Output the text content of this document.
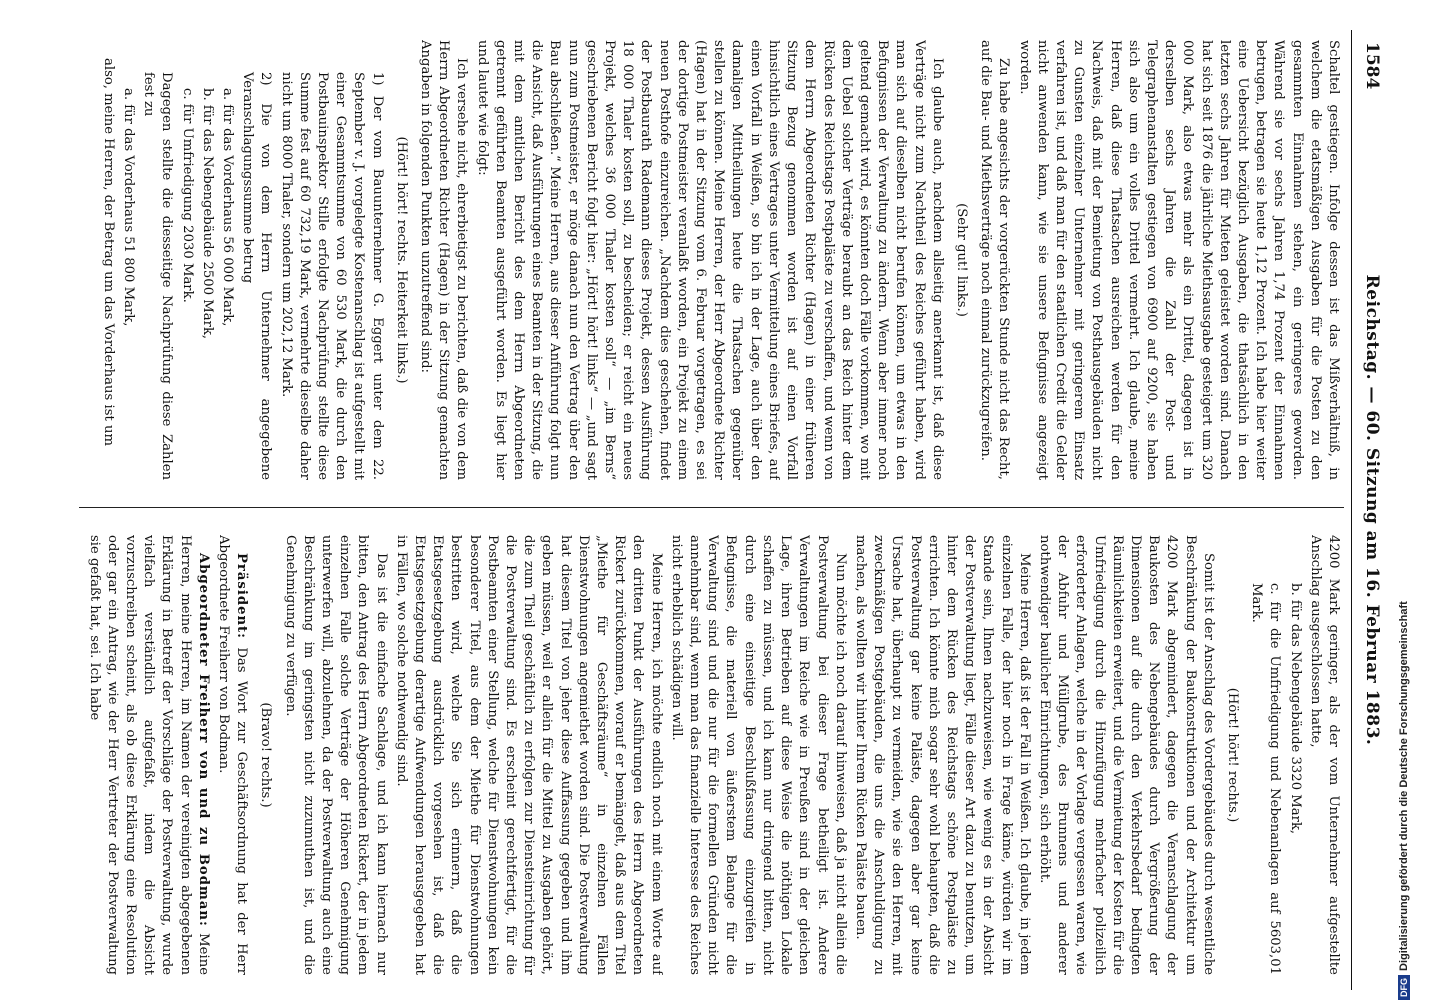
1584
Reichstag. — 60. Sitzung am 16. Februar 1883.

Schaltel gestiegen. Infolge dessen ist das Mißverhältniß, in welchem die etatsmäßigen Ausgaben für die Posten zu den gesammten Einnahmen stehen, ein geringeres geworden. Während sie vor sechs Jahren 1,74 Prozent der Einnahmen betrugen, betragen sie heute 1,12 Prozent. Ich habe hier weiter eine Uebersicht bezüglich Ausgaben, die thatsächlich in den letzten sechs Jahren für Mieten geleistet worden sind. Danach hat sich seit 1876 die jährliche Miethsausgabe gesteigert um 320 000 Mark, also etwas mehr als ein Drittel, dagegen ist in derselben sechs Jahren die Zahl der Post- und Telegraphenanstalten gestiegen von 6900 auf 9200, sie haben sich also um ein volles Drittel vermehrt. Ich glaube, meine Herren, daß diese Thatsachen ausreichen werden für den Nachweis, daß mit der Bemietung von Posthausgebäuden nicht zu Gunsten einzelner Unternehmer mit geringerem Einsatz verfahren ist, und daß man für den staatlichen Credit die Gelder nicht anwenden kann, wie sie unsere Befugnisse angezeigt worden.

Zu habe angesichts der vorgerückten Stunde nicht das Recht, auf die Bau- und Miethsverträge noch einmal zurückzugreifen.

(Sehr gut! links.)

Ich glaube auch, nachdem allseitig anerkannt ist, daß diese Verträge nicht zum Nachtheil des Reiches geführt haben, wird man sich auf dieselben nicht berufen können, um etwas in den Befugnissen der Verwaltung zu ändern. Wenn aber immer noch geltend gemacht wird, es könnten doch Fälle vorkommen, wo mit dem Uebel solcher Verträge beraubt an das Reich hinter dem Rücken des Reichstags Postpaläste zu verschaffen, und wenn von dem Herrn Abgeordneten Richter (Hagen) in einer früheren Sitzung Bezug genommen worden ist auf einen Vorfall hinsichtlich eines Vertrages unter Vermittelung eines Briefes, auf einen Vorfall in Weißen, so bin ich in der Lage, auch über den damaligen Mittheilungen heute die Thatsachen gegenüber stellen zu können. Meine Herren, der Herr Abgeordnete Richter (Hagen) hat in der Sitzung vom 6. Februar vorgetragen, es sei der dortige Postmeister veranlaßt worden, ein Projekt zu einem neuen Posthofe einzureichen. „Nachdem dies geschehen, findet der Postbaurath Rademann dieses Projekt, dessen Ausführung 18 000 Thaler kosten soll, zu bescheiden; er reicht ein neues Projekt, welches 36 000 Thaler kosten soll“ — „im Berns“ geschriebenen Bericht folgt hier: „Hört! hört! links“ — „und sagt nun zum Postmeister, er möge danach nun den Vertrag über den Bau abschließen.“ Meine Herren, aus dieser Anführung folgt nun die Ansicht, daß Ausführungen eines Beamten in der Sitzung, die mit dem amtlichen Bericht des dem Herrn Abgeordneten getrennt geführten Beamten ausgeführt worden. Es liegt hier und lautet wie folgt:

Ich versehe nicht, ehrerbietigst zu berichten, daß die von dem Herrn Abgeordneten Richter (Hagen) in der Sitzung gemachten Angaben in folgenden Punkten unzutreffend sind:

(Hört! hört! rechts. Heiterkeit links.)

1) Der vom Bauunternehmer G. Eggert unter dem 22. September v. J. vorgelegte Kostenanschlag ist aufgestellt mit einer Gesammtsumme von 60 530 Mark, die durch den Postbauinspektor Stille erfolgte Nachprüfung stellte diese Summe fest auf 60 732,19 Mark, vermehrte dieselbe daher nicht um 8000 Thaler, sondern um 202,12 Mark.

2) Die von dem Herrn Unternehmer angegebene Veranschlagungssumme betrug

a. für das Vorderhaus 56 000 Mark,

b. für das Nebengebäude 2500 Mark,

c. für Umfriedigung 2030 Mark.

Dagegen stellte die diesseitige Nachprüfung diese Zahlen fest zu

a. für das Vorderhaus 51 800 Mark,

also, meine Herren, der Betrag um das Vorderhaus ist um

4200 Mark geringer, als der vom Unternehmer aufgestellte Anschlag ausgeschlossen hatte,

b. für das Nebengebäude 3320 Mark,

c. für die Umfriedigung und Nebenanlagen auf 5603,01 Mark.

(Hört! hört! rechts.)

Somit ist der Anschlag des Vordergebäudes durch wesentliche Beschränkung der Baukonstruktionen und der Architektur um 4200 Mark abgemindert, dagegen die Veranschlagung der Baukosten des Nebengebäudes durch Vergrößerung der Dimensionen auf die durch den Verkehrsbedarf bedingten Räumlichkeiten erweitert, und die Vermietung der Kosten für die Umfriedigung durch die Hinzufügung mehrfacher polizeilich erforderter Anlagen, welche in der Vorlage vergessen waren, wie der Abfuhr und Müllgrube, des Brunnens und anderer nothwendiger baulicher Einrichtungen, sich erhöht.

Meine Herren, daß ist der Fall in Weißen. Ich glaube, in jedem einzelnen Falle, der hier noch in Frage käme, würden wir im Stande sein, Ihnen nachzuweisen, wie wenig es in der Absicht der Postverwaltung liegt, Fälle dieser Art dazu zu benutzen, um hinter dem Rücken des Reichstags schöne Postpaläste zu errichten. Ich könnte mich sogar sehr wohl behaupten, daß die Postverwaltung gar keine Paläste, dagegen aber gar keine Ursache hat, überhaupt zu vermeiden, wie sie den Herren, mit zweckmäßigen Postgebäuden, die uns die Anschuldigung zu machen, als wollten wir hinter Ihrem Rücken Paläste bauen.

Nun möchte ich noch darauf hinweisen, daß ja nicht allein die Postverwaltung bei dieser Frage betheiligt ist. Andere Verwaltungen im Reiche wie in Preußen sind in der gleichen Lage, ihren Betrieben auf diese Weise die nöthigen Lokale schaffen zu müssen, und ich kann nur dringend bitten, nicht durch eine einseitige Beschlußfassung einzugreifen in Befugnisse, die materiell von äußerstem Belange für die Verwaltung sind und die nur für die formellen Gründen nicht annehmbar sind, wenn man das finanzielle Interesse des Reiches nicht erheblich schädigen will.

Meine Herren, ich möchte endlich noch mit einem Worte auf den dritten Punkt der Ausführungen des Herrn Abgeordneten Rickert zurückkommen, worauf er bemängelt, daß aus dem Titel „Miethe für Geschäftsräume“ in einzelnen Fällen Dienstwohnungen angemiethet worden sind. Die Postverwaltung hat diesem Titel von jeher diese Auffassung gegeben und ihm geben müssen, weil er allein für die Mittel zu Ausgaben gehört, die zum Theil geschäftlich zu erfolgen zur Diensteinrichtung für die Postverwaltung sind. Es erscheint gerechtfertigt, für die Postbeamten einer Stellung, welche für Dienstwohnungen kein besonderer Titel, aus dem der Miethe für Dienstwohnungen bestritten wird, welche Sie sich erinnern, daß die Etatsgesetzgebung ausdrücklich vorgesehen ist, daß die Etatsgesetzgebung derartige Aufwendungen herausgegeben hat in Fällen, wo solche nothwendig sind.

Das ist die einfache Sachlage, und ich kann hiernach nur bitten, den Antrag des Herrn Abgeordneten Rickert, der in jedem einzelnen Falle solche Verträge der Höheren Genehmigung unterwerfen will, abzulehnen, da der Postverwaltung auch eine Beschränkung im geringsten nicht zuzumuthen ist, und die Genehmigung zu verfügen.

(Bravo! rechts.)

Präsident: Das Wort zur Geschäftsordnung hat der Herr Abgeordnete Freiherr von Bodman.

Abgeordneter Freiherr von und zu Bodman: Meine Herren, meine Herren, im Namen der vereinigten abgegebenen Erklärung in Betreff der Vorschläge der Postverwaltung, wurde vielfach verständlich aufgefaßt, indem die Absicht vorzuschreiben scheint, als ob diese Erklärung eine Resolution oder gar ein Antrag, wie der Herr Vertreter der Postverwaltung sie gefaßt hat, sei. Ich habe

DFGDigitalisierung gefördert durch die Deutsche Forschungsgemeinschaft
